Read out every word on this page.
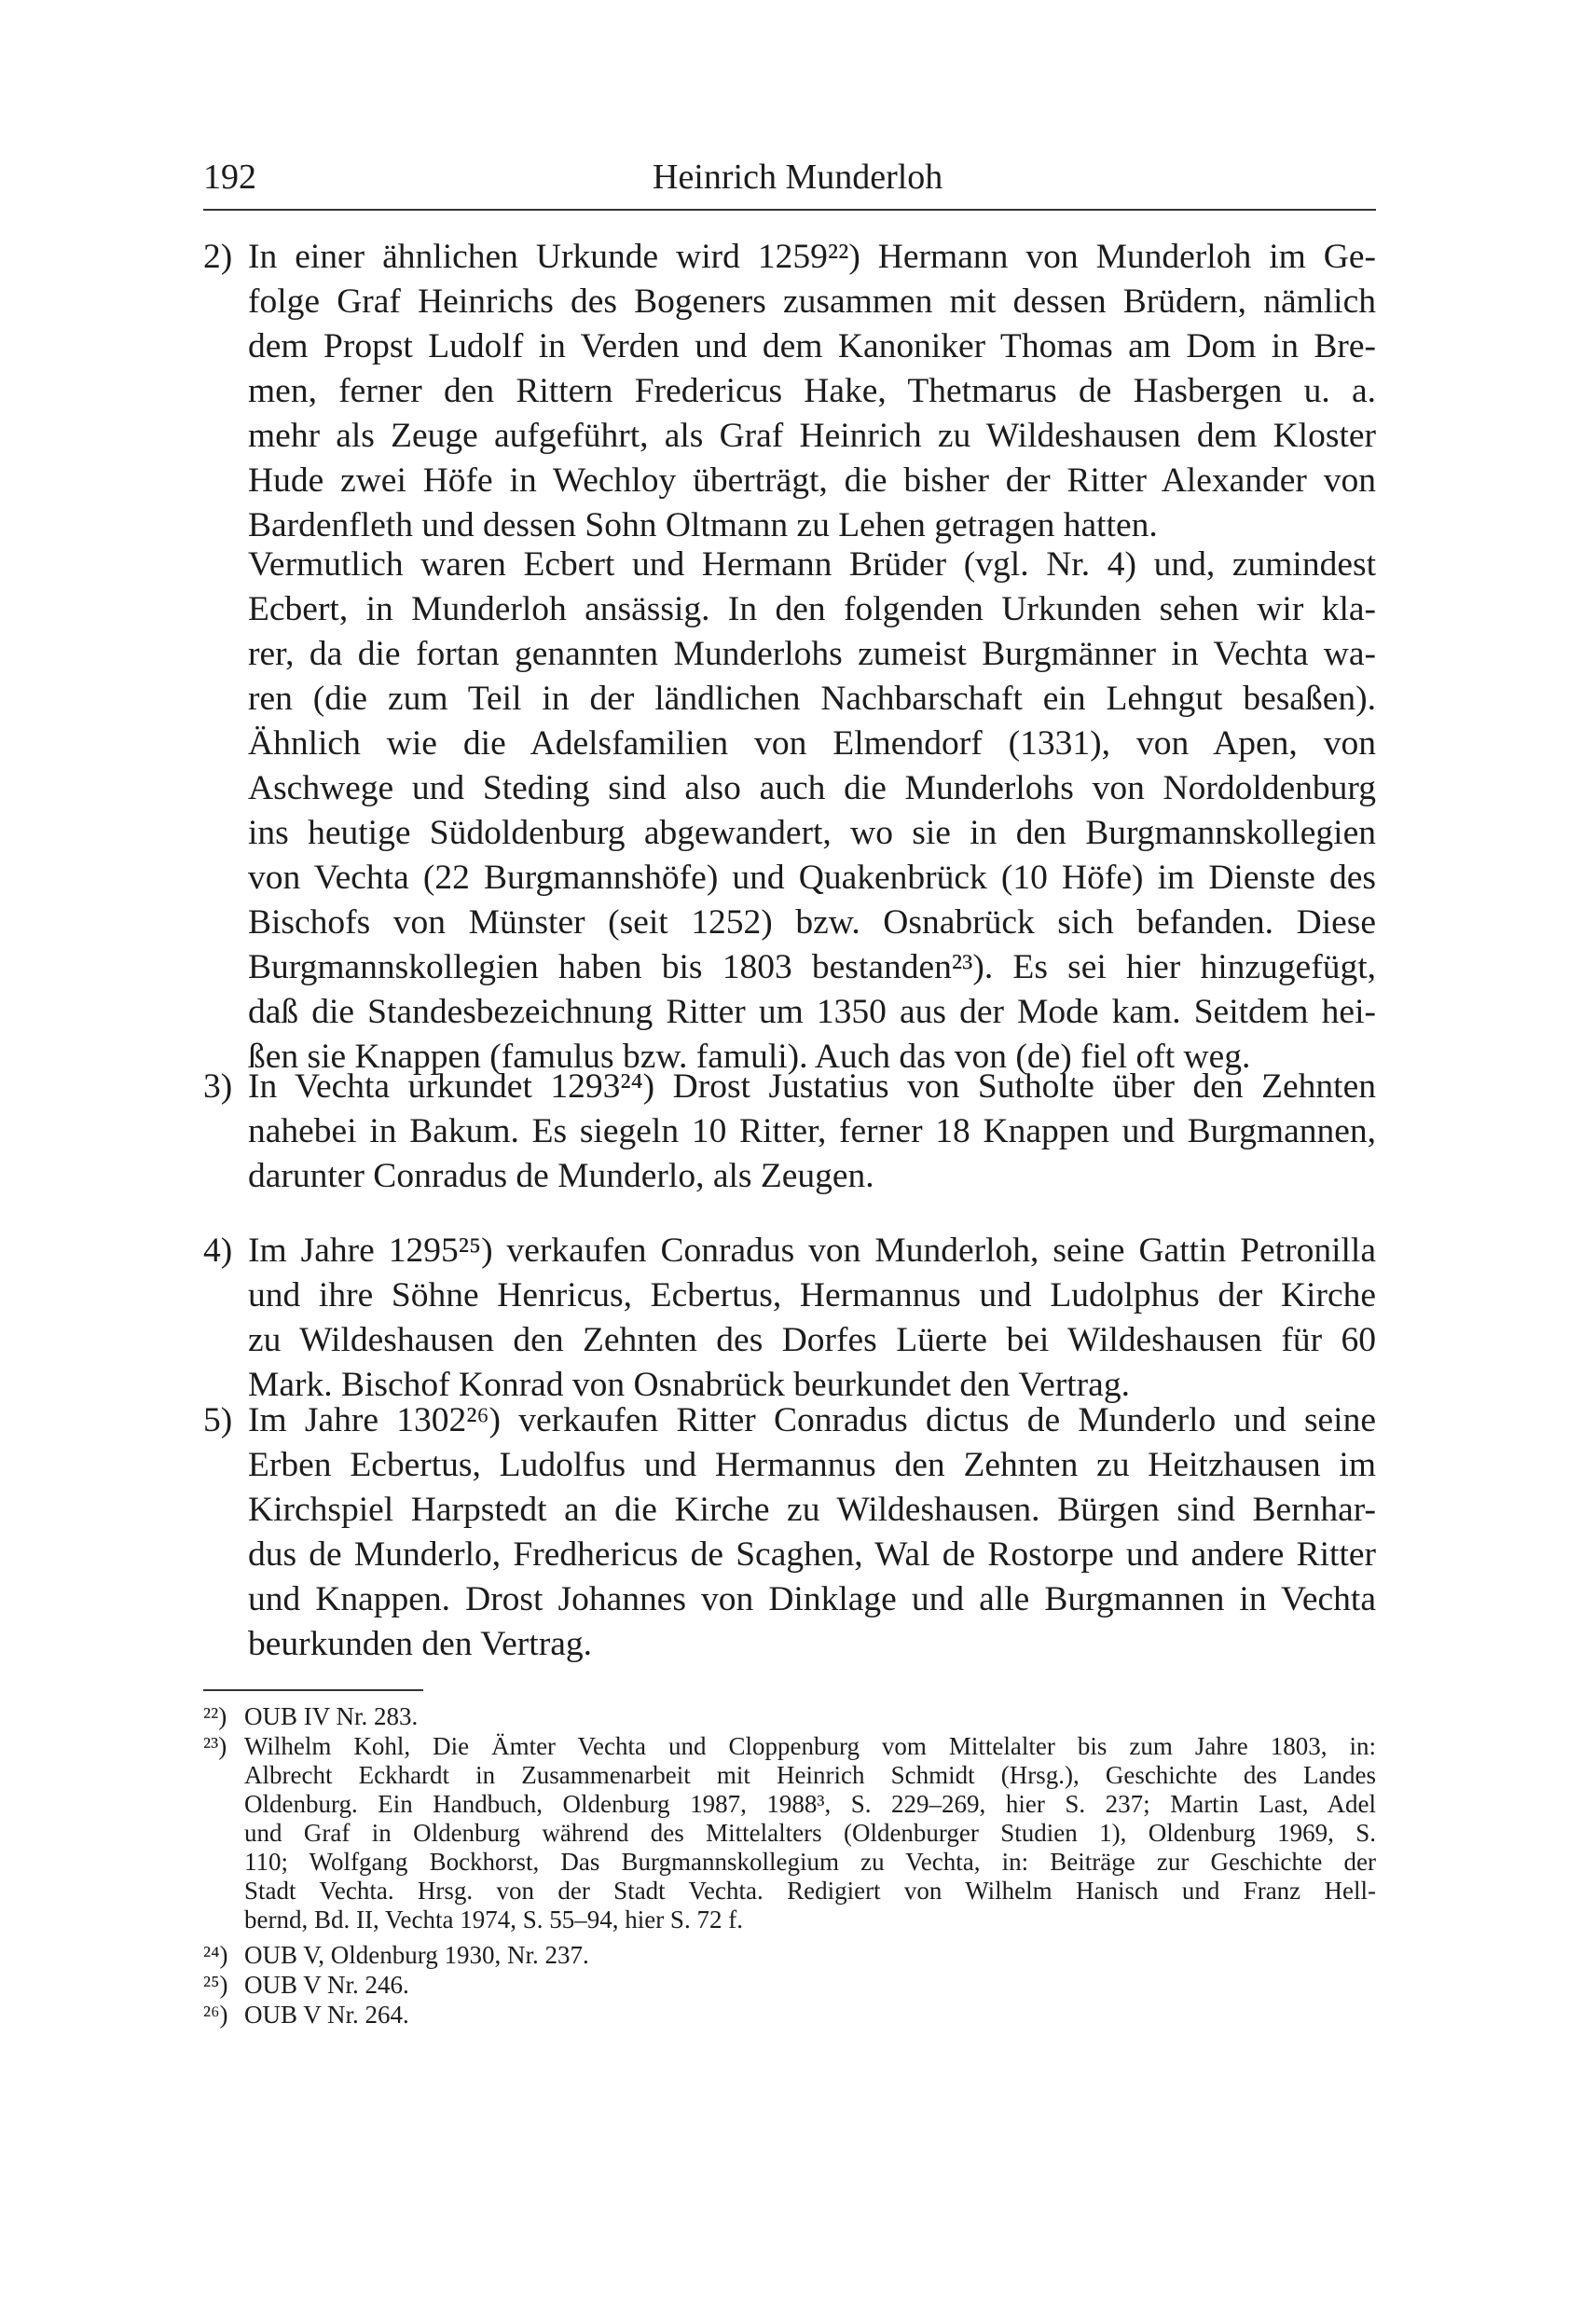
192	Heinrich Munderloh
2) In einer ähnlichen Urkunde wird 1259²²) Hermann von Munderloh im Ge-
folge Graf Heinrichs des Bogeners zusammen mit dessen Brüdern, nämlich
dem Propst Ludolf in Verden und dem Kanoniker Thomas am Dom in Bre-
men, ferner den Rittern Fredericus Hake, Thetmarus de Hasbergen u. a.
mehr als Zeuge aufgeführt, als Graf Heinrich zu Wildeshausen dem Kloster
Hude zwei Höfe in Wechloy überträgt, die bisher der Ritter Alexander von
Bardenfleth und dessen Sohn Oltmann zu Lehen getragen hatten.
Vermutlich waren Ecbert und Hermann Brüder (vgl. Nr. 4) und, zumindest
Ecbert, in Munderloh ansässig. In den folgenden Urkunden sehen wir kla-
rer, da die fortan genannten Munderlohs zumeist Burgmänner in Vechta wa-
ren (die zum Teil in der ländlichen Nachbarschaft ein Lehngut besaßen).
Ähnlich wie die Adelsfamilien von Elmendorf (1331), von Apen, von
Aschwege und Steding sind also auch die Munderlohs von Nordoldenburg
ins heutige Südoldenburg abgewandert, wo sie in den Burgmannskollegien
von Vechta (22 Burgmannshöfe) und Quakenbrück (10 Höfe) im Dienste des
Bischofs von Münster (seit 1252) bzw. Osnabrück sich befanden. Diese
Burgmannskollegien haben bis 1803 bestanden²³). Es sei hier hinzugefügt,
daß die Standesbezeichnung Ritter um 1350 aus der Mode kam. Seitdem hei-
ßen sie Knappen (famulus bzw. famuli). Auch das von (de) fiel oft weg.
3) In Vechta urkundet 1293²⁴) Drost Justatius von Sutholte über den Zehnten
nahebei in Bakum. Es siegeln 10 Ritter, ferner 18 Knappen und Burgmannen,
darunter Conradus de Munderlo, als Zeugen.
4) Im Jahre 1295²⁵) verkaufen Conradus von Munderloh, seine Gattin Petronilla
und ihre Söhne Henricus, Ecbertus, Hermannus und Ludolphus der Kirche
zu Wildeshausen den Zehnten des Dorfes Lüerte bei Wildeshausen für 60
Mark. Bischof Konrad von Osnabrück beurkundet den Vertrag.
5) Im Jahre 1302²⁶) verkaufen Ritter Conradus dictus de Munderlo und seine
Erben Ecbertus, Ludolfus und Hermannus den Zehnten zu Heitzhausen im
Kirchspiel Harpstedt an die Kirche zu Wildeshausen. Bürgen sind Bernhar-
dus de Munderlo, Fredhericus de Scaghen, Wal de Rostorpe und andere Ritter
und Knappen. Drost Johannes von Dinklage und alle Burgmannen in Vechta
beurkunden den Vertrag.
²²) OUB IV Nr. 283.
²³) Wilhelm Kohl, Die Ämter Vechta und Cloppenburg vom Mittelalter bis zum Jahre 1803, in:
Albrecht Eckhardt in Zusammenarbeit mit Heinrich Schmidt (Hrsg.), Geschichte des Landes
Oldenburg. Ein Handbuch, Oldenburg 1987, 1988³, S. 229–269, hier S. 237; Martin Last, Adel
und Graf in Oldenburg während des Mittelalters (Oldenburger Studien 1), Oldenburg 1969, S.
110; Wolfgang Bockhorst, Das Burgmannskollegium zu Vechta, in: Beiträge zur Geschichte der
Stadt Vechta. Hrsg. von der Stadt Vechta. Redigiert von Wilhelm Hanisch und Franz Hell-
bernd, Bd. II, Vechta 1974, S. 55–94, hier S. 72 f.
²⁴) OUB V, Oldenburg 1930, Nr. 237.
²⁵) OUB V Nr. 246.
²⁶) OUB V Nr. 264.
